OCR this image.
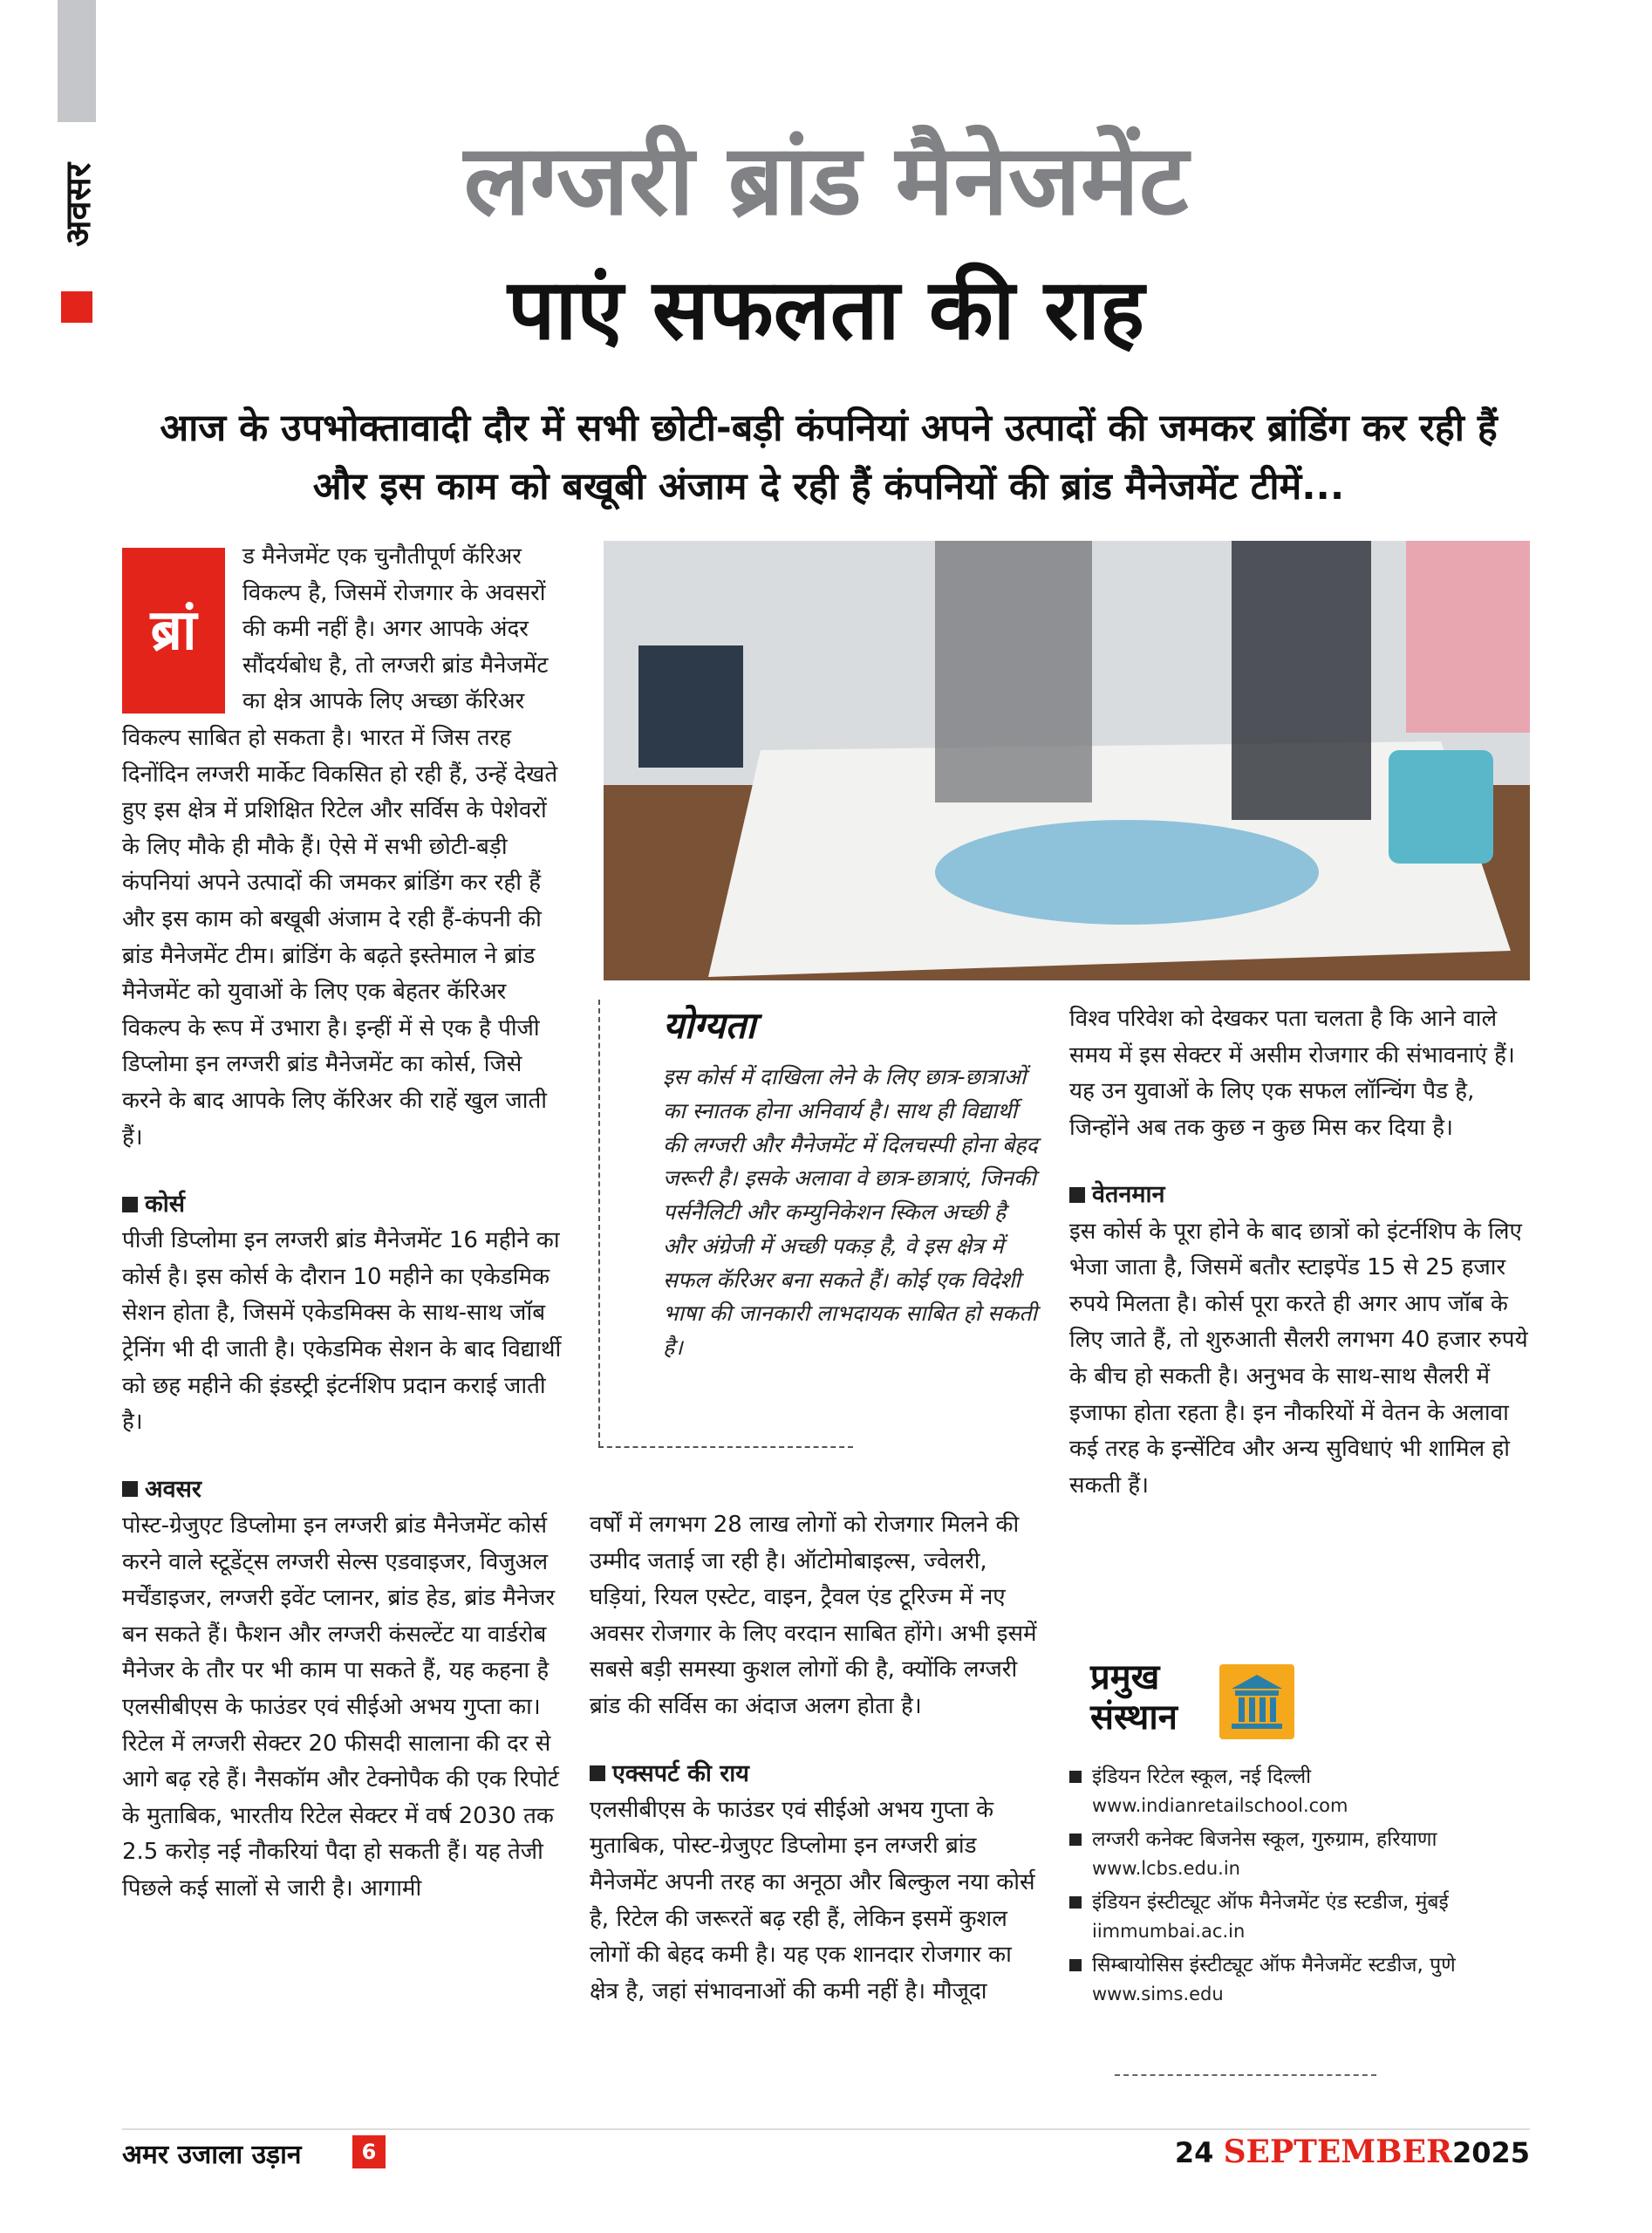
अवसर	लग्जरी ब्रांड मैनेजमेंट
पाएं सफलता की राह
आज के उपभोक्तावादी दौर में सभी छोटी-बड़ी कंपनियां अपने उत्पादों की जमकर ब्रांडिंग कर रही हैं और इस काम को बखूबी अंजाम दे रही हैं कंपनियों की ब्रांड मैनेजमेंट टीमें...
ब्रां

ड मैनेजमेंट एक चुनौतीपूर्ण कॅरिअर विकल्प है, जिसमें रोजगार के अवसरों की कमी नहीं है। अगर आपके अंदर सौंदर्यबोध है, तो लग्जरी ब्रांड मैनेजमेंट का क्षेत्र आपके लिए अच्छा कॅरिअर विकल्प साबित हो सकता है। भारत में जिस तरह दिनोंदिन लग्जरी मार्केट विकसित हो रही हैं, उन्हें देखते हुए इस क्षेत्र में प्रशिक्षित रिटेल और सर्विस के पेशेवरों के लिए मौके ही मौके हैं। ऐसे में सभी छोटी-बड़ी कंपनियां अपने उत्पादों की जमकर ब्रांडिंग कर रही हैं और इस काम को बखूबी अंजाम दे रही हैं-कंपनी की ब्रांड मैनेजमेंट टीम। ब्रांडिंग के बढ़ते इस्तेमाल ने ब्रांड मैनेजमेंट को युवाओं के लिए एक बेहतर कॅरिअर विकल्प के रूप में उभारा है। इन्हीं में से एक है पीजी डिप्लोमा इन लग्जरी ब्रांड मैनेजमेंट का कोर्स, जिसे करने के बाद आपके लिए कॅरिअर की राहें खुल जाती हैं।

कोर्स

पीजी डिप्लोमा इन लग्जरी ब्रांड मैनेजमेंट 16 महीने का कोर्स है। इस कोर्स के दौरान 10 महीने का एकेडमिक सेशन होता है, जिसमें एकेडमिक्स के साथ-साथ जॉब ट्रेनिंग भी दी जाती है। एकेडमिक सेशन के बाद विद्यार्थी को छह महीने की इंडस्ट्री इंटर्नशिप प्रदान कराई जाती है।

अवसर

पोस्ट-ग्रेजुएट डिप्लोमा इन लग्जरी ब्रांड मैनेजमेंट कोर्स करने वाले स्टूडेंट्स लग्जरी सेल्स एडवाइजर, विजुअल मर्चेंडाइजर, लग्जरी इवेंट प्लानर, ब्रांड हेड, ब्रांड मैनेजर बन सकते हैं। फैशन और लग्जरी कंसल्टेंट या वार्डरोब मैनेजर के तौर पर भी काम पा सकते हैं, यह कहना है एलसीबीएस के फाउंडर एवं सीईओ अभय गुप्ता का। रिटेल में लग्जरी सेक्टर 20 फीसदी सालाना की दर से आगे बढ़ रहे हैं। नैसकॉम और टेक्नोपैक की एक रिपोर्ट के मुताबिक, भारतीय रिटेल सेक्टर में वर्ष 2030 तक 2.5 करोड़ नई नौकरियां पैदा हो सकती हैं। यह तेजी पिछले कई सालों से जारी है। आगामी

योग्यता
इस कोर्स में दाखिला लेने के लिए छात्र-छात्राओं का स्नातक होना अनिवार्य है। साथ ही विद्यार्थी की लग्जरी और मैनेजमेंट में दिलचस्पी होना बेहद जरूरी है। इसके अलावा वे छात्र-छात्राएं, जिनकी पर्सनैलिटी और कम्युनिकेशन स्किल अच्छी है और अंग्रेजी में अच्छी पकड़ है, वे इस क्षेत्र में सफल कॅरिअर बना सकते हैं। कोई एक विदेशी भाषा की जानकारी लाभदायक साबित हो सकती है।

वर्षों में लगभग 28 लाख लोगों को रोजगार मिलने की उम्मीद जताई जा रही है। ऑटोमोबाइल्स, ज्वेलरी, घड़ियां, रियल एस्टेट, वाइन, ट्रैवल एंड टूरिज्म में नए अवसर रोजगार के लिए वरदान साबित होंगे। अभी इसमें सबसे बड़ी समस्या कुशल लोगों की है, क्योंकि लग्जरी ब्रांड की सर्विस का अंदाज अलग होता है।

एक्सपर्ट की राय

एलसीबीएस के फाउंडर एवं सीईओ अभय गुप्ता के मुताबिक, पोस्ट-ग्रेजुएट डिप्लोमा इन लग्जरी ब्रांड मैनेजमेंट अपनी तरह का अनूठा और बिल्कुल नया कोर्स है, रिटेल की जरूरतें बढ़ रही हैं, लेकिन इसमें कुशल लोगों की बेहद कमी है। यह एक शानदार रोजगार का क्षेत्र है, जहां संभावनाओं की कमी नहीं है। मौजूदा

विश्व परिवेश को देखकर पता चलता है कि आने वाले समय में इस सेक्टर में असीम रोजगार की संभावनाएं हैं। यह उन युवाओं के लिए एक सफल लॉन्चिंग पैड है, जिन्होंने अब तक कुछ न कुछ मिस कर दिया है।

वेतनमान

इस कोर्स के पूरा होने के बाद छात्रों को इंटर्नशिप के लिए भेजा जाता है, जिसमें बतौर स्टाइपेंड 15 से 25 हजार रुपये मिलता है। कोर्स पूरा करते ही अगर आप जॉब के लिए जाते हैं, तो शुरुआती सैलरी लगभग 40 हजार रुपये के बीच हो सकती है। अनुभव के साथ-साथ सैलरी में इजाफा होता रहता है। इन नौकरियों में वेतन के अलावा कई तरह के इन्सेंटिव और अन्य सुविधाएं भी शामिल हो सकती हैं।

प्रमुख
संस्थान
इंडियन रिटेल स्कूल, नई दिल्ली
www.indianretailschool.com
लग्जरी कनेक्ट बिजनेस स्कूल, गुरुग्राम, हरियाणा
www.lcbs.edu.in
इंडियन इंस्टीट्यूट ऑफ मैनेजमेंट एंड स्टडीज, मुंबई
iimmumbai.ac.in
सिम्बायोसिस इंस्टीट्यूट ऑफ मैनेजमेंट स्टडीज, पुणे
www.sims.edu
अमर उजाला उड़ान	6	24 SEPTEMBER2025
